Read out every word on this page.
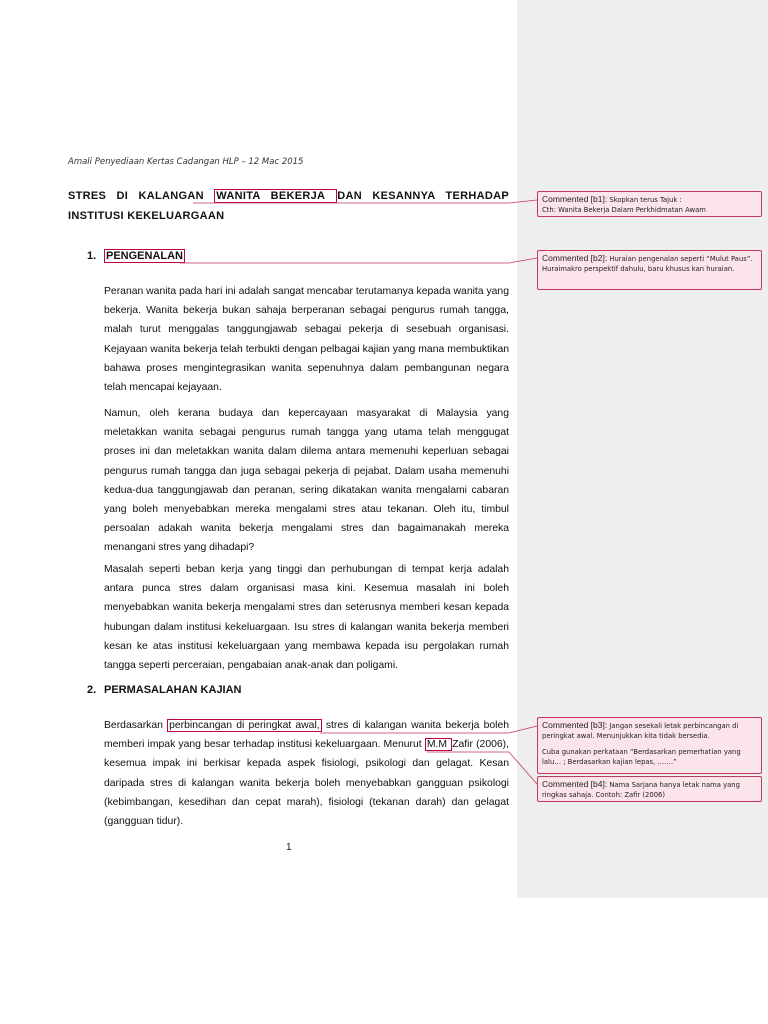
Amali Penyediaan Kertas Cadangan HLP – 12 Mac 2015
STRES DI KALANGAN WANITA BEKERJA DAN KESANNYA TERHADAP INSTITUSI KEKELUARGAAN
1. PENGENALAN

Peranan wanita pada hari ini adalah sangat mencabar terutamanya kepada wanita yang bekerja. Wanita bekerja bukan sahaja berperanan sebagai pengurus rumah tangga, malah turut menggalas tanggungjawab sebagai pekerja di sesebuah organisasi. Kejayaan wanita bekerja telah terbukti dengan pelbagai kajian yang mana membuktikan bahawa proses mengintegrasikan wanita sepenuhnya dalam pembangunan negara telah mencapai kejayaan.

Namun, oleh kerana budaya dan kepercayaan masyarakat di Malaysia yang meletakkan wanita sebagai pengurus rumah tangga yang utama telah menggugat proses ini dan meletakkan wanita dalam dilema antara memenuhi keperluan sebagai pengurus rumah tangga dan juga sebagai pekerja di pejabat. Dalam usaha memenuhi kedua-dua tanggungjawab dan peranan, sering dikatakan wanita mengalami cabaran yang boleh menyebabkan mereka mengalami stres atau tekanan. Oleh itu, timbul persoalan adakah wanita bekerja mengalami stres dan bagaimanakah mereka menangani stres yang dihadapi?

Masalah seperti beban kerja yang tinggi dan perhubungan di tempat kerja adalah antara punca stres dalam organisasi masa kini. Kesemua masalah ini boleh menyebabkan wanita bekerja mengalami stres dan seterusnya memberi kesan kepada hubungan dalam institusi kekeluargaan. Isu stres di kalangan wanita bekerja memberi kesan ke atas institusi kekeluargaan yang membawa kepada isu pergolakan rumah tangga seperti perceraian, pengabaian anak-anak dan poligami.

2. PERMASALAHAN KAJIAN

Berdasarkan perbincangan di peringkat awal, stres di kalangan wanita bekerja boleh memberi impak yang besar terhadap institusi kekeluargaan. Menurut M.M Zafir (2006), kesemua impak ini berkisar kepada aspek fisiologi, psikologi dan gelagat. Kesan daripada stres di kalangan wanita bekerja boleh menyebabkan gangguan psikologi (kebimbangan, kesedihan dan cepat marah), fisiologi (tekanan darah) dan gelagat (gangguan tidur).

1

Commented [b1]: Skopkan terus Tajuk :

Cth: Wanita Bekerja Dalam Perkhidmatan Awam

Commented [b2]: Huraian pengenalan seperti “Mulut Paus”. Huraimakro perspektif dahulu, baru khusus kan huraian.

Commented [b3]: Jangan sesekali letak perbincangan di peringkat awal. Menunjukkan kita tidak bersedia.

Cuba gunakan perkataan “Berdasarkan pemerhatian yang lalu… ; Berdasarkan kajian lepas, …….”

Commented [b4]: Nama Sarjana hanya letak nama yang ringkas sahaja. Contoh: Zafir (2006)
